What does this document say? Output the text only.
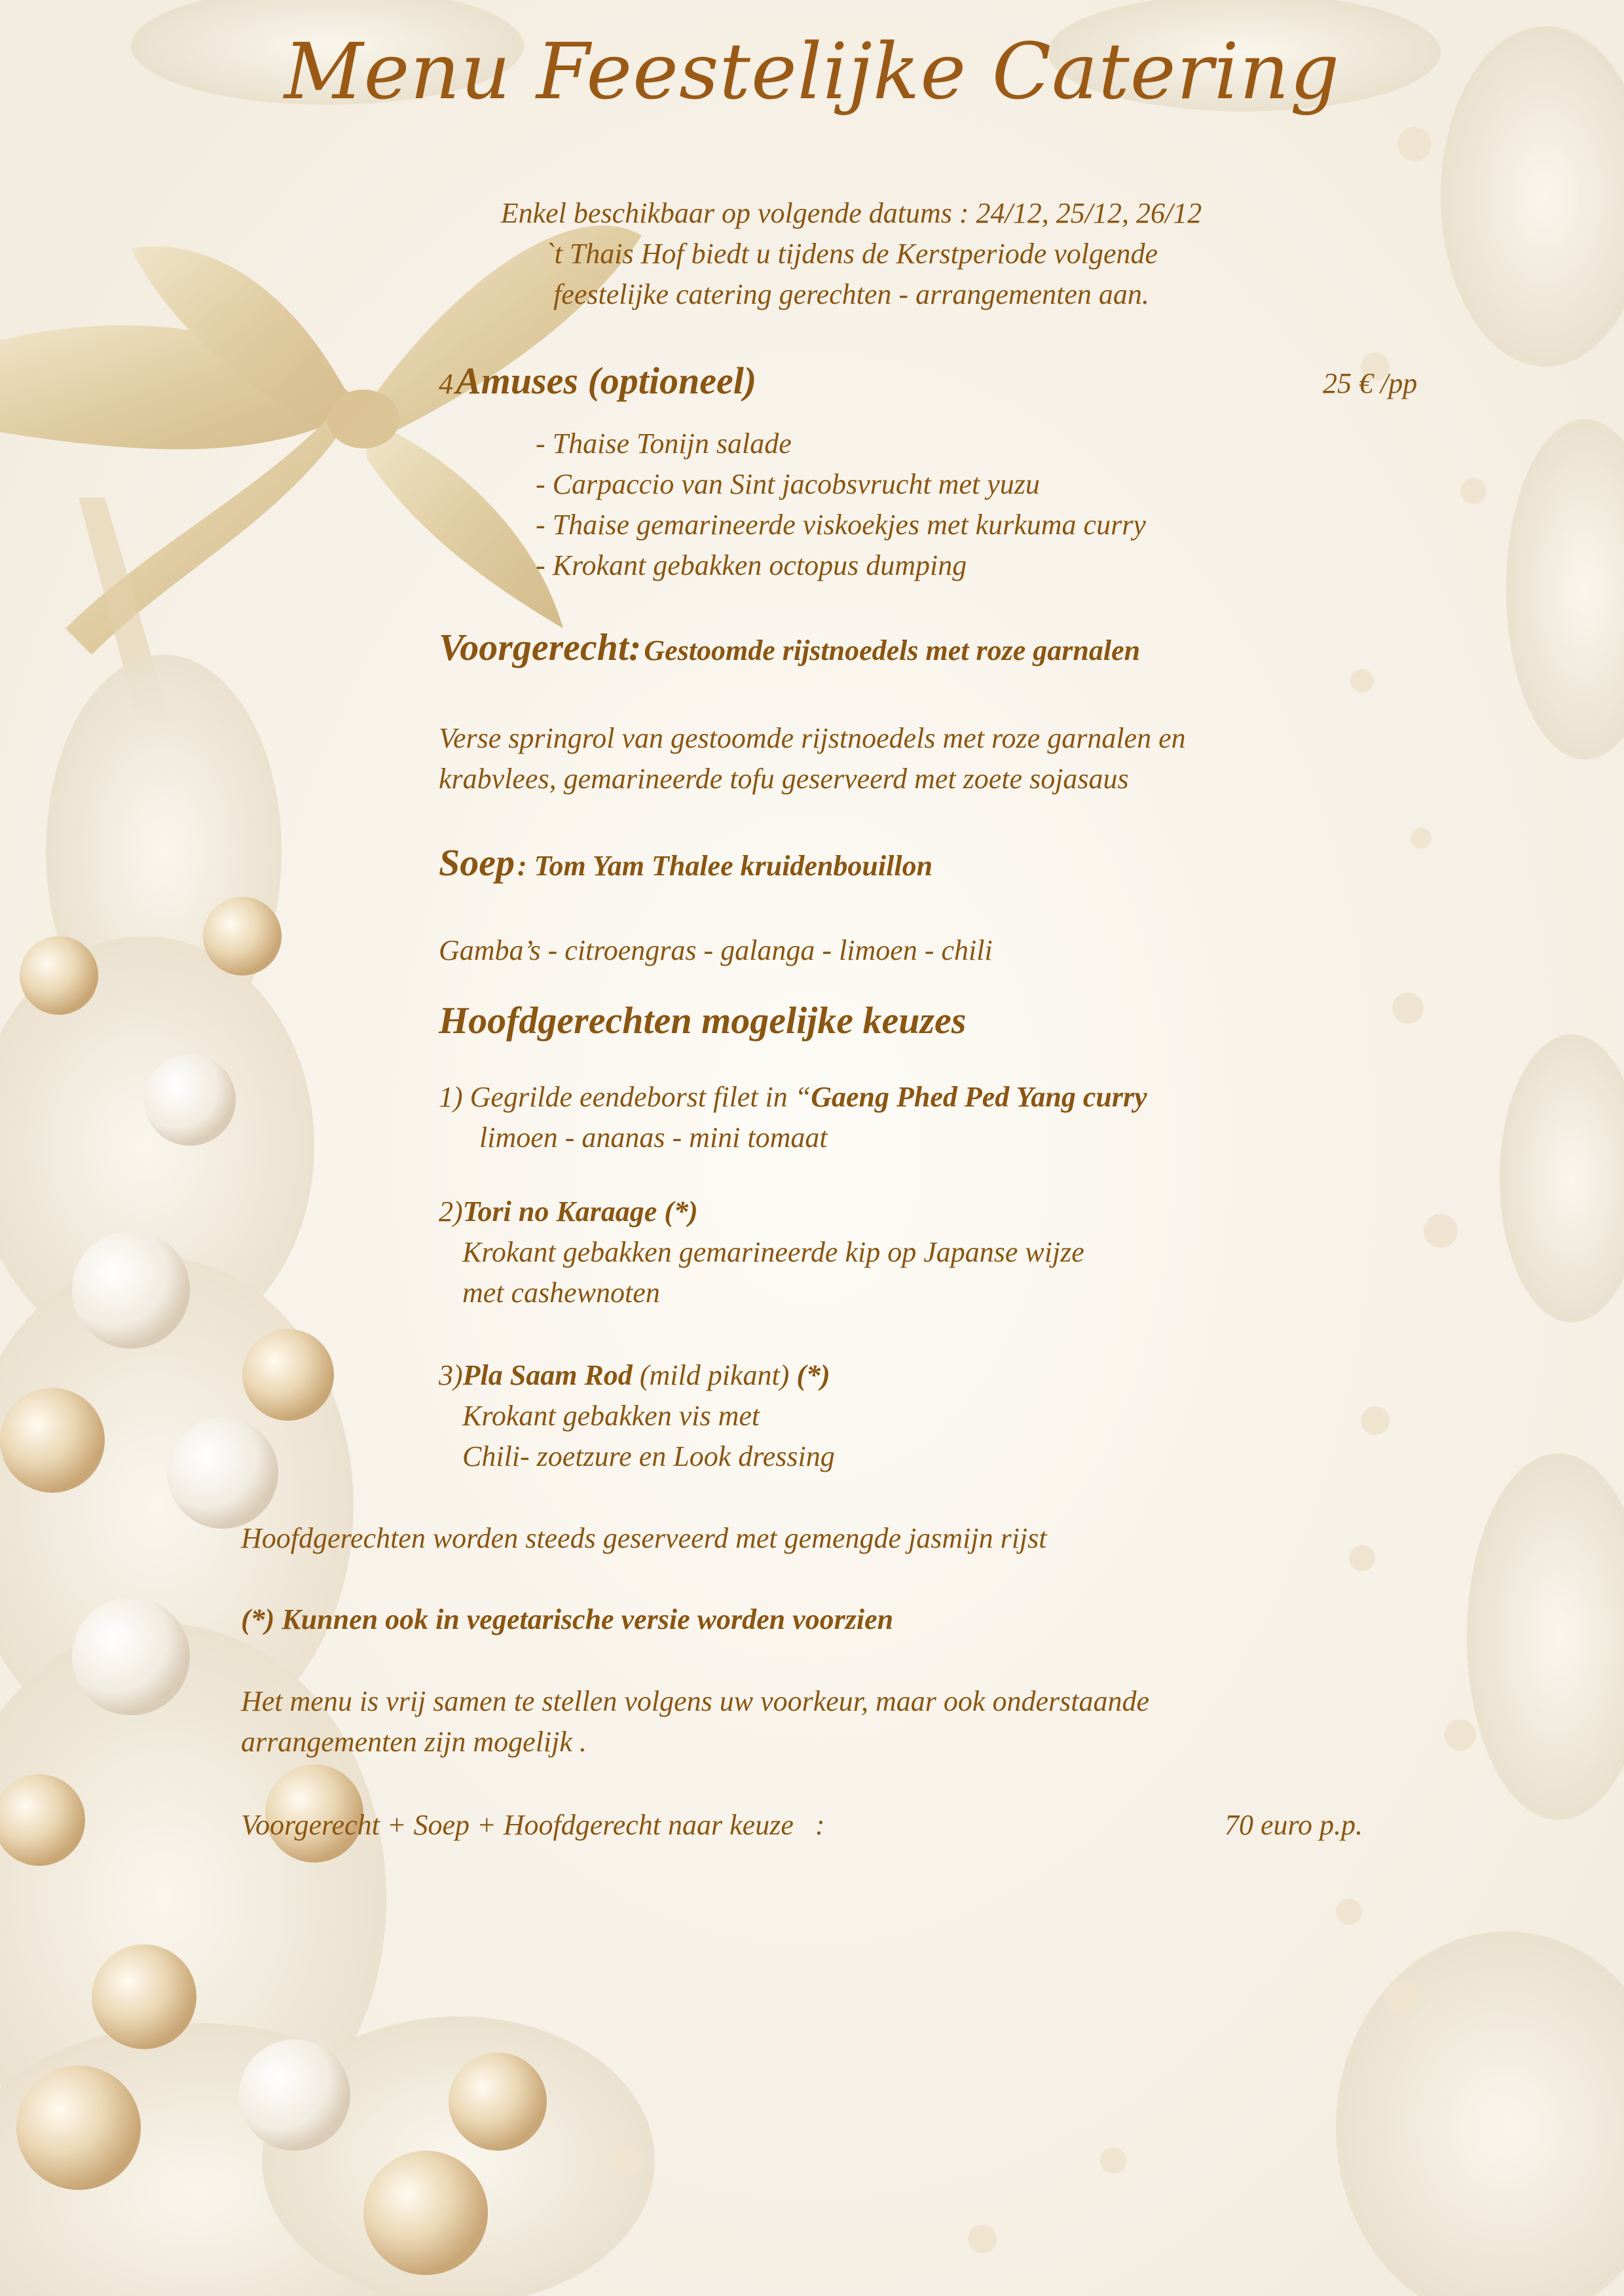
Menu Feestelijke Catering
Enkel beschikbaar op volgende datums : 24/12, 25/12, 26/12
`t Thais Hof biedt u tijdens de Kerstperiode volgende
feestelijke catering gerechten - arrangementen aan.
4 Amuses (optioneel)	25 € /pp
- Thaise Tonijn salade
- Carpaccio van Sint jacobsvrucht met yuzu
- Thaise gemarineerde viskoekjes met kurkuma curry
- Krokant gebakken octopus dumping
Voorgerecht: Gestoomde rijstnoedels met roze garnalen
Verse springrol van gestoomde rijstnoedels met roze garnalen en
krabvlees, gemarineerde tofu geserveerd met zoete sojasaus
Soep : Tom Yam Thalee kruidenbouillon
Gamba’s - citroengras - galanga - limoen - chili
Hoofdgerechten mogelijke keuzes
1) Gegrilde eendeborst filet in “Gaeng Phed Ped Yang curry
limoen - ananas - mini tomaat
2)Tori no Karaage (*)
Krokant gebakken gemarineerde kip op Japanse wijze
met cashewnoten
3)Pla Saam Rod (mild pikant) (*)
Krokant gebakken vis met
Chili- zoetzure en Look dressing
Hoofdgerechten worden steeds geserveerd met gemengde jasmijn rijst
(*) Kunnen ook in vegetarische versie worden voorzien
Het menu is vrij samen te stellen volgens uw voorkeur, maar ook onderstaande
arrangementen zijn mogelijk .
Voorgerecht + Soep + Hoofdgerecht naar keuze   :	70 euro p.p.
